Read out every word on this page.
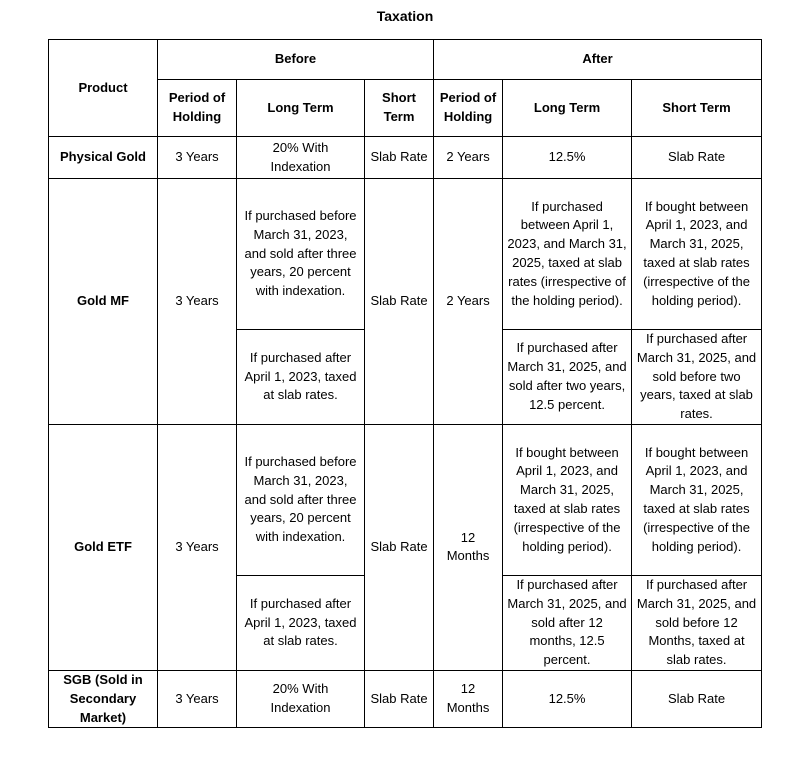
Taxation
Product	Before			After		
	Period of Holding	Long Term	Short Term	Period of Holding	Long Term	Short Term
Physical Gold	3 Years	20% With Indexation	Slab Rate	2 Years	12.5%	Slab Rate
Gold MF	3 Years	If purchased before March 31, 2023, and sold after three years, 20 percent with indexation.	Slab Rate	2 Years	If purchased between April 1, 2023, and March 31, 2025, taxed at slab rates (irrespective of the holding period).	If bought between April 1, 2023, and March 31, 2025, taxed at slab rates (irrespective of the holding period).
		If purchased after April 1, 2023, taxed at slab rates.			If purchased after March 31, 2025, and sold after two years, 12.5 percent.	If purchased after March 31, 2025, and sold before two years, taxed at slab rates.
Gold ETF	3 Years	If purchased before March 31, 2023, and sold after three years, 20 percent with indexation.	Slab Rate	12 Months	If bought between April 1, 2023, and March 31, 2025, taxed at slab rates (irrespective of the holding period).	If bought between April 1, 2023, and March 31, 2025, taxed at slab rates (irrespective of the holding period).
		If purchased after April 1, 2023, taxed at slab rates.			If purchased after March 31, 2025, and sold after 12 months, 12.5 percent.	If purchased after March 31, 2025, and sold before 12 Months, taxed at slab rates.
SGB (Sold in Secondary Market)	3 Years	20% With Indexation	Slab Rate	12 Months	12.5%	Slab Rate
